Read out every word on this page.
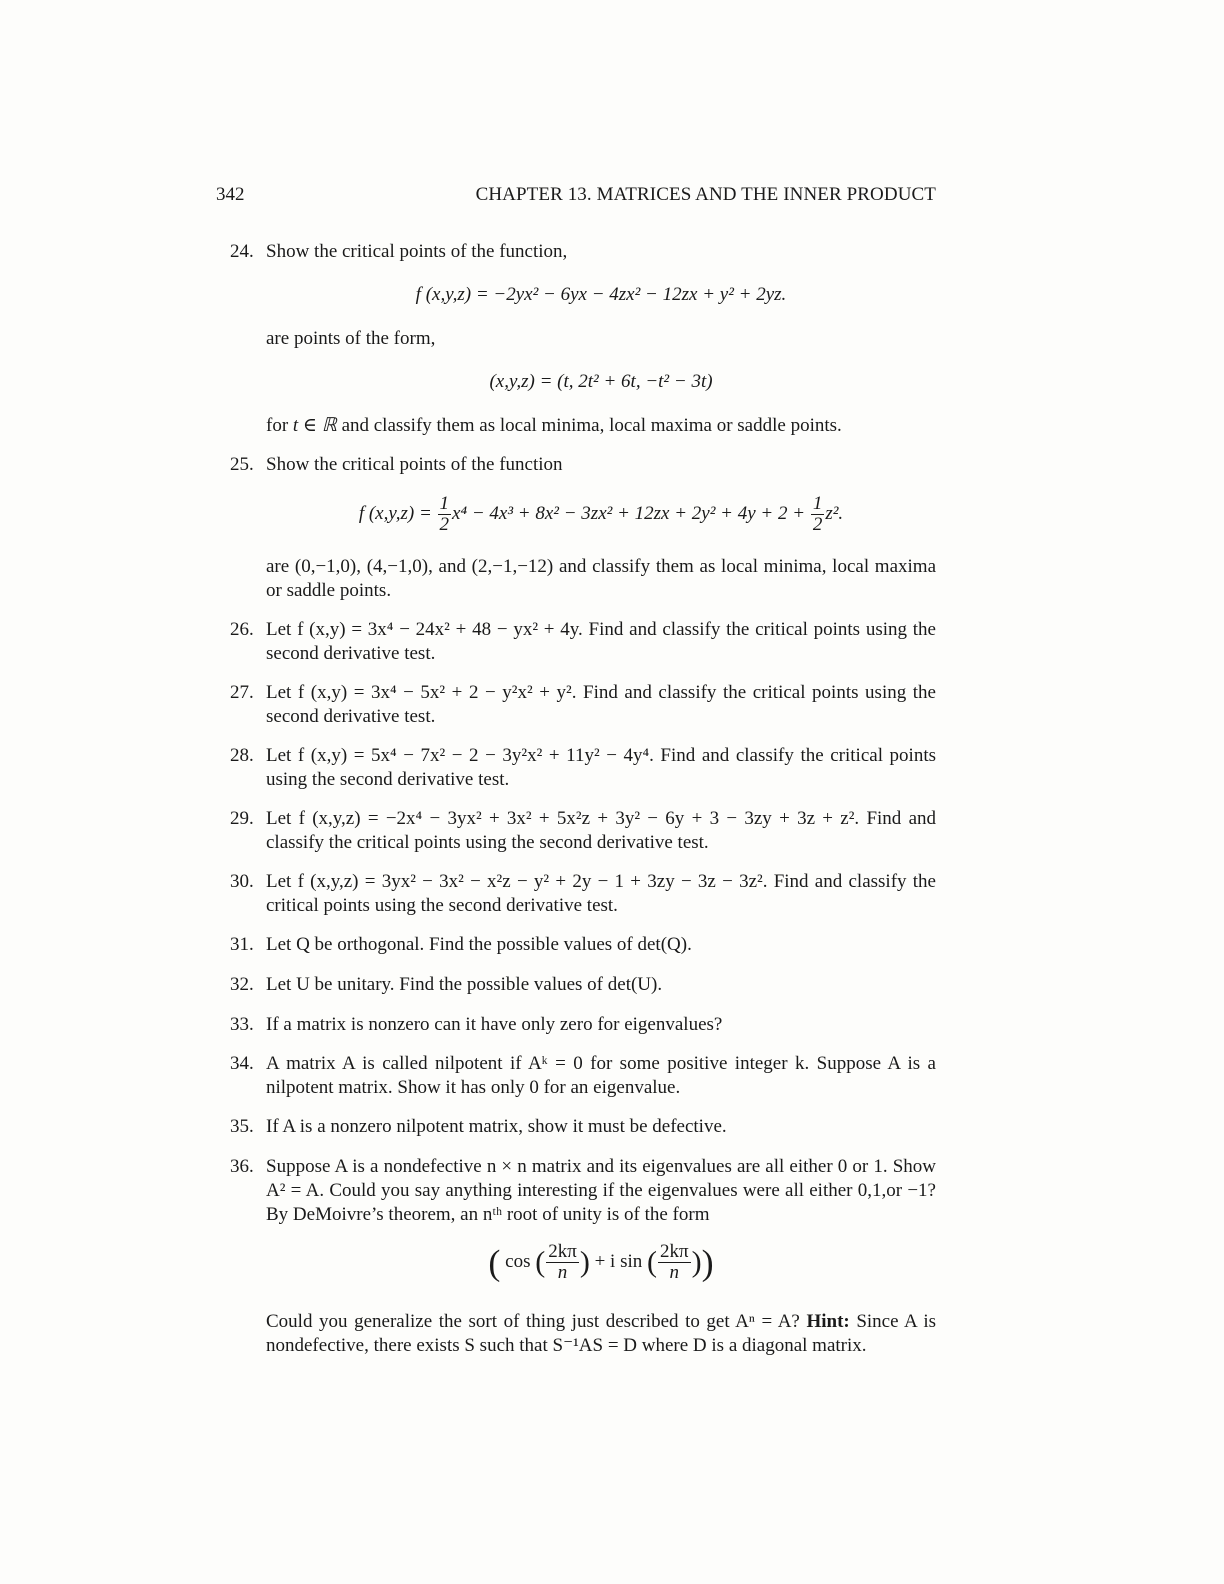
342	CHAPTER 13. MATRICES AND THE INNER PRODUCT
24. Show the critical points of the function,
f (x,y,z) = −2yx² − 6yx − 4zx² − 12zx + y² + 2yz.
are points of the form,
(x,y,z) = (t, 2t² + 6t, −t² − 3t)
for t ∈ ℝ and classify them as local minima, local maxima or saddle points.
25. Show the critical points of the function
f $(x,y,z) = \frac{1}{2} x^4 - 4x^3 + 8x^2 - 3zx^2 + 12zx + 2y^2 + 4y + 2 + \frac{1}{2} z^2$.
are (0,−1,0), (4,−1,0), and (2,−1,−12) and classify them as local minima, local maxima or saddle points.
26. Let f (x,y) = 3x⁴ − 24x² + 48 − yx² + 4y. Find and classify the critical points using the second derivative test.
27. Let f (x,y) = 3x⁴ − 5x² + 2 − y²x² + y². Find and classify the critical points using the second derivative test.
28. Let f (x,y) = 5x⁴ − 7x² − 2 − 3y²x² + 11y² − 4y⁴. Find and classify the critical points using the second derivative test.
29. Let f (x,y,z) = −2x⁴ − 3yx² + 3x² + 5x²z + 3y² − 6y + 3 − 3zy + 3z + z². Find and classify the critical points using the second derivative test.
30. Let f (x,y,z) = 3yx² − 3x² − x²z − y² + 2y − 1 + 3zy − 3z − 3z². Find and classify the critical points using the second derivative test.
31. Let Q be orthogonal. Find the possible values of det(Q).
32. Let U be unitary. Find the possible values of det(U).
33. If a matrix is nonzero can it have only zero for eigenvalues?
34. A matrix A is called nilpotent if Aᵏ = 0 for some positive integer k. Suppose A is a nilpotent matrix. Show it has only 0 for an eigenvalue.
35. If A is a nonzero nilpotent matrix, show it must be defective.
36. Suppose A is a nondefective n × n matrix and its eigenvalues are all either 0 or 1. Show A² = A. Could you say anything interesting if the eigenvalues were all either 0,1,or −1? By DeMoivre’s theorem, an nᵗʰ root of unity is of the form
( cos ( $\frac{2k\pi}{n}$ ) + i sin ( $\frac{2k\pi}{n}$ ))
Could you generalize the sort of thing just described to get Aⁿ = A? Hint: Since A is nondefective, there exists S such that S⁻¹AS = D where D is a diagonal matrix.
